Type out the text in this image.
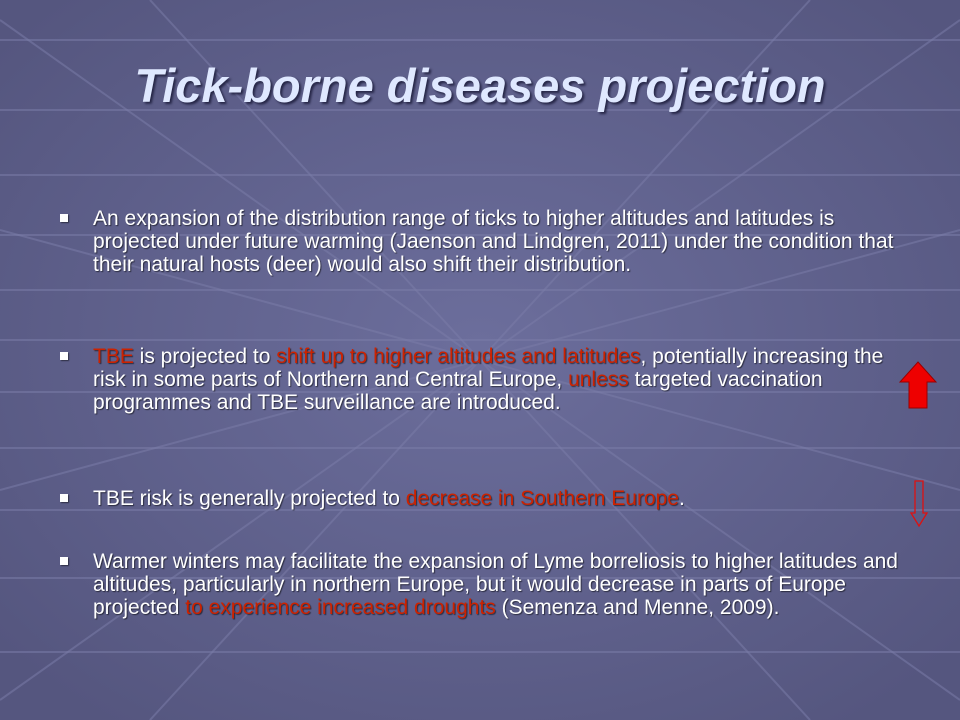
Tick-borne diseases projection
An expansion of the distribution range of ticks to higher altitudes and latitudes is projected under future warming (Jaenson and Lindgren, 2011) under the condition that their natural hosts (deer) would also shift their distribution.
TBE is projected to shift up to higher altitudes and latitudes, potentially increasing the risk in some parts of Northern and Central Europe, unless targeted vaccination programmes and TBE surveillance are introduced.
TBE risk is generally projected to decrease in Southern Europe.
Warmer winters may facilitate the expansion of Lyme borreliosis to higher latitudes and altitudes, particularly in northern Europe, but it would decrease in parts of Europe projected to experience increased droughts (Semenza and Menne, 2009).
